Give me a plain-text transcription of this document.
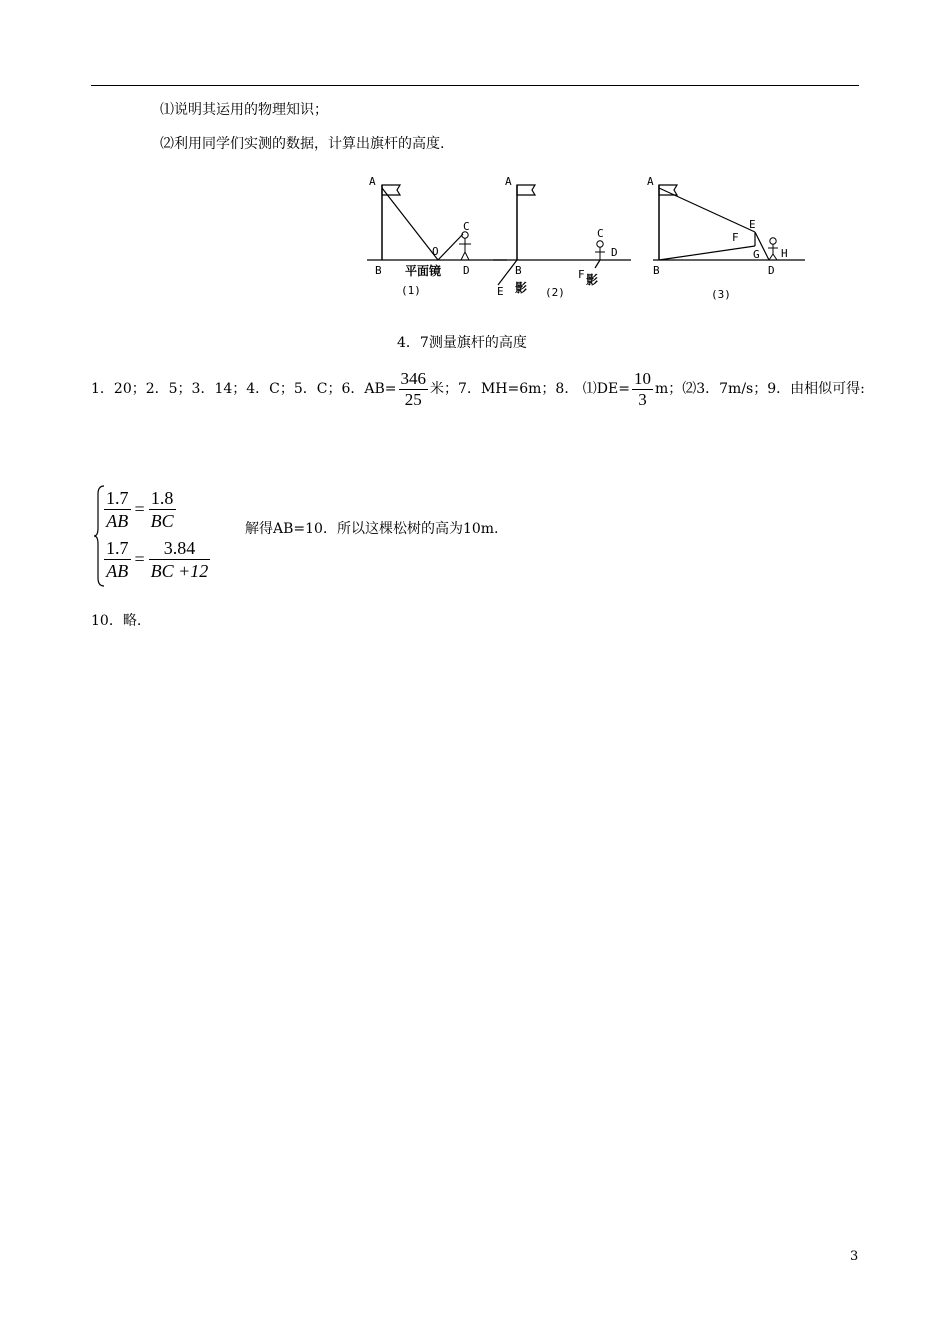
⑴说明其运用的物理知识；
⑵利用同学们实测的数据，计算出旗杆的高度.
A
B
O
C
D
平面镜
(1)
A
B
E
C
D
F
影
影
(2)
A
B
E
F
G H
D
(3)
4．7测量旗杆的高度
1．20；2．5；3．14；4．C；5．C；6．$AB= \frac{346}{25}$ 米；7．MH=6m；8． ⑴DE= $\frac{10}{3}$ m；⑵3．7m/s；9．由相似可得:
$\frac{1.7}{AB} = \frac{1.8}{BC}$
$\frac{1.7}{AB} = \frac{3.84}{BC +12}$
解得AB=10．所以这棵松树的高为10m.
10．略.
3
